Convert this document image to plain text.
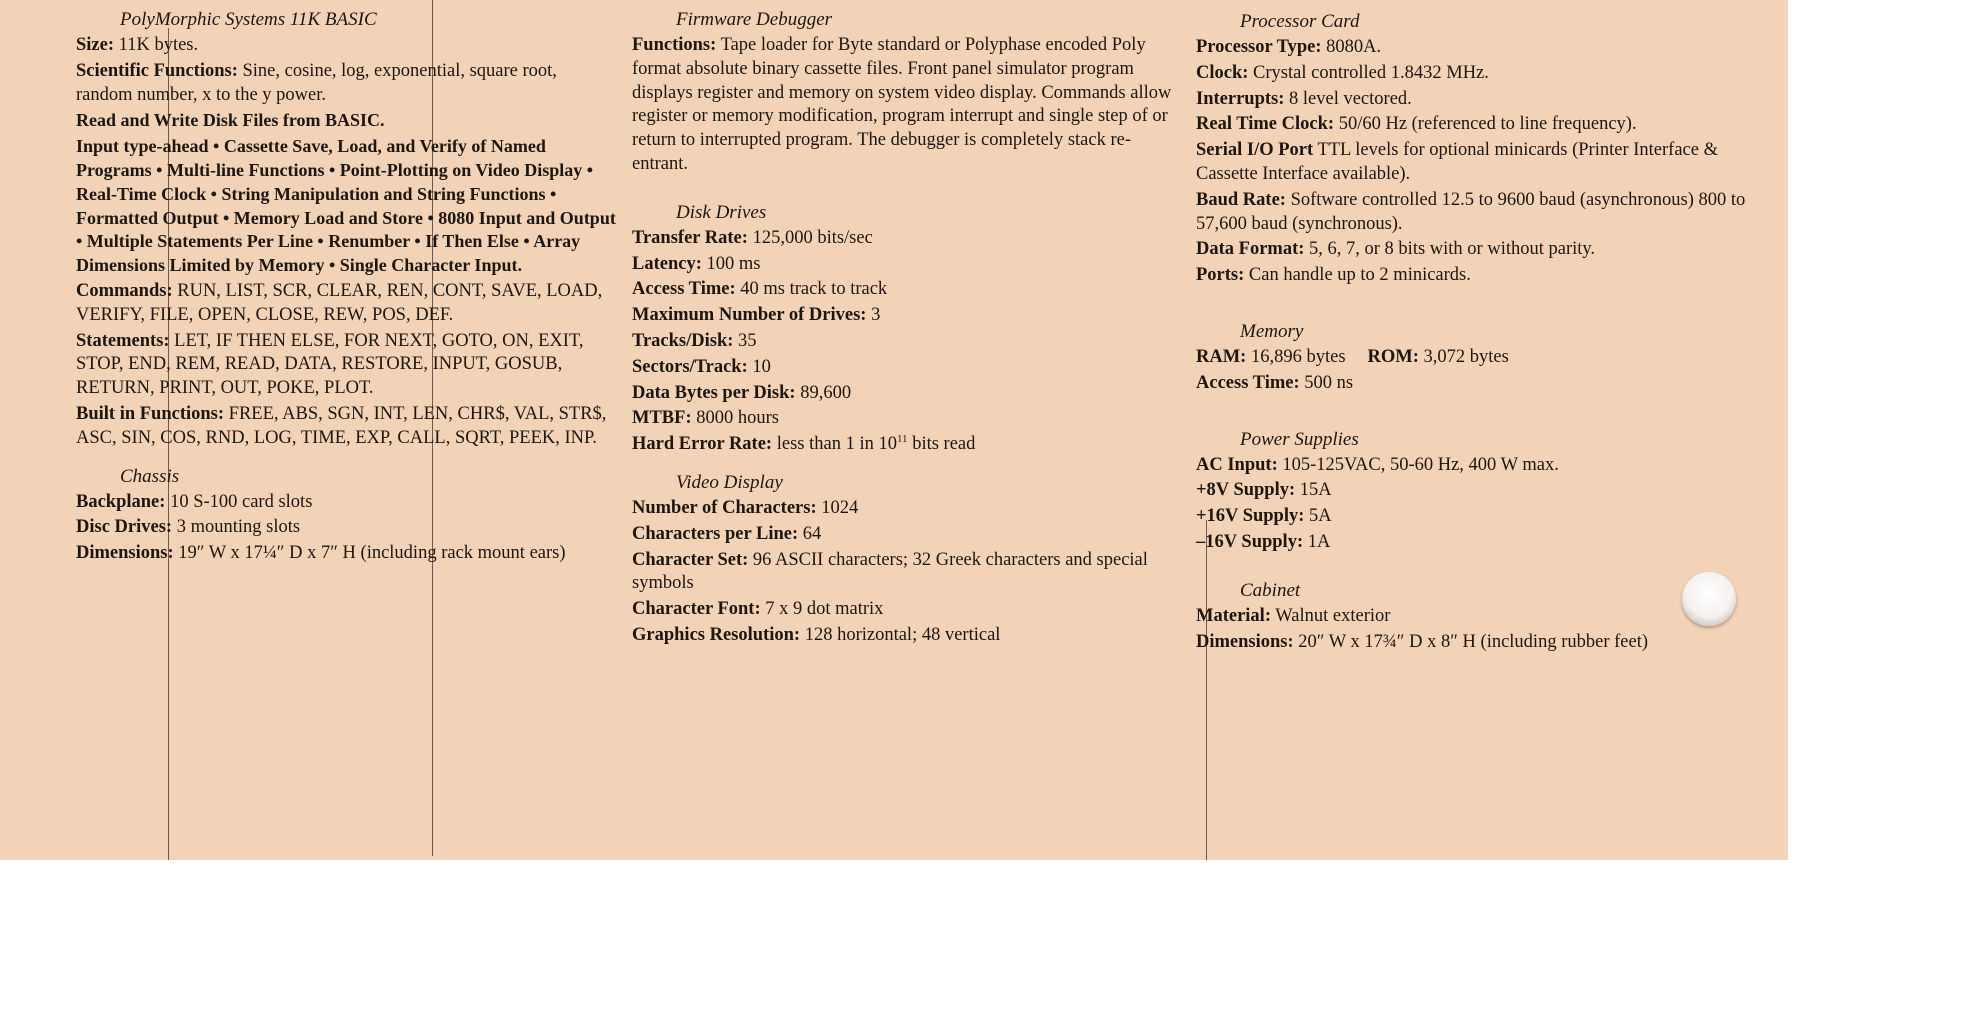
PolyMorphic Systems 11K BASIC

Size: 11K bytes.

Scientific Functions: Sine, cosine, log, exponential, square root, random number, x to the y power.

Read and Write Disk Files from BASIC.

Input type-ahead • Cassette Save, Load, and Verify of Named Programs • Multi-line Functions • Point-Plotting on Video Display • Real-Time Clock • String Manipulation and String Functions • Formatted Output • Memory Load and Store • 8080 Input and Output • Multiple Statements Per Line • Renumber • If Then Else • Array Dimensions Limited by Memory • Single Character Input.

Commands: RUN, LIST, SCR, CLEAR, REN, CONT, SAVE, LOAD, VERIFY, FILE, OPEN, CLOSE, REW, POS, DEF.

Statements: LET, IF THEN ELSE, FOR NEXT, GOTO, ON, EXIT, STOP, END, REM, READ, DATA, RESTORE, INPUT, GOSUB, RETURN, PRINT, OUT, POKE, PLOT.

Built in Functions: FREE, ABS, SGN, INT, LEN, CHR$, VAL, STR$, ASC, SIN, COS, RND, LOG, TIME, EXP, CALL, SQRT, PEEK, INP.

Chassis

Backplane: 10 S-100 card slots

Disc Drives: 3 mounting slots

Dimensions: 19″ W x 17¼″ D x 7″ H (including rack mount ears)

Firmware Debugger

Functions: Tape loader for Byte standard or Polyphase encoded Poly format absolute binary cassette files. Front panel simulator program displays register and memory on system video display. Commands allow register or memory modification, program interrupt and single step of or return to interrupted program. The debugger is completely stack re-entrant.

Disk Drives

Transfer Rate: 125,000 bits/sec

Latency: 100 ms

Access Time: 40 ms track to track

Maximum Number of Drives: 3

Tracks/Disk: 35

Sectors/Track: 10

Data Bytes per Disk: 89,600

MTBF: 8000 hours

Hard Error Rate: less than 1 in $10^{11}$ bits read

Video Display

Number of Characters: 1024

Characters per Line: 64

Character Set: 96 ASCII characters; 32 Greek characters and special symbols

Character Font: 7 x 9 dot matrix

Graphics Resolution: 128 horizontal; 48 vertical

Processor Card

Processor Type: 8080A.

Clock: Crystal controlled 1.8432 MHz.

Interrupts: 8 level vectored.

Real Time Clock: 50/60 Hz (referenced to line frequency).

Serial I/O Port TTL levels for optional minicards (Printer Interface & Cassette Interface available).

Baud Rate: Software controlled 12.5 to 9600 baud (asynchronous) 800 to 57,600 baud (synchronous).

Data Format: 5, 6, 7, or 8 bits with or without parity.

Ports: Can handle up to 2 minicards.

Memory

RAM: 16,896 bytes ROM: 3,072 bytes

Access Time: 500 ns

Power Supplies

AC Input: 105-125VAC, 50-60 Hz, 400 W max.

+8V Supply: 15A

+16V Supply: 5A

–16V Supply: 1A

Cabinet

Material: Walnut exterior

Dimensions: 20″ W x 17¾″ D x 8″ H (including rubber feet)
